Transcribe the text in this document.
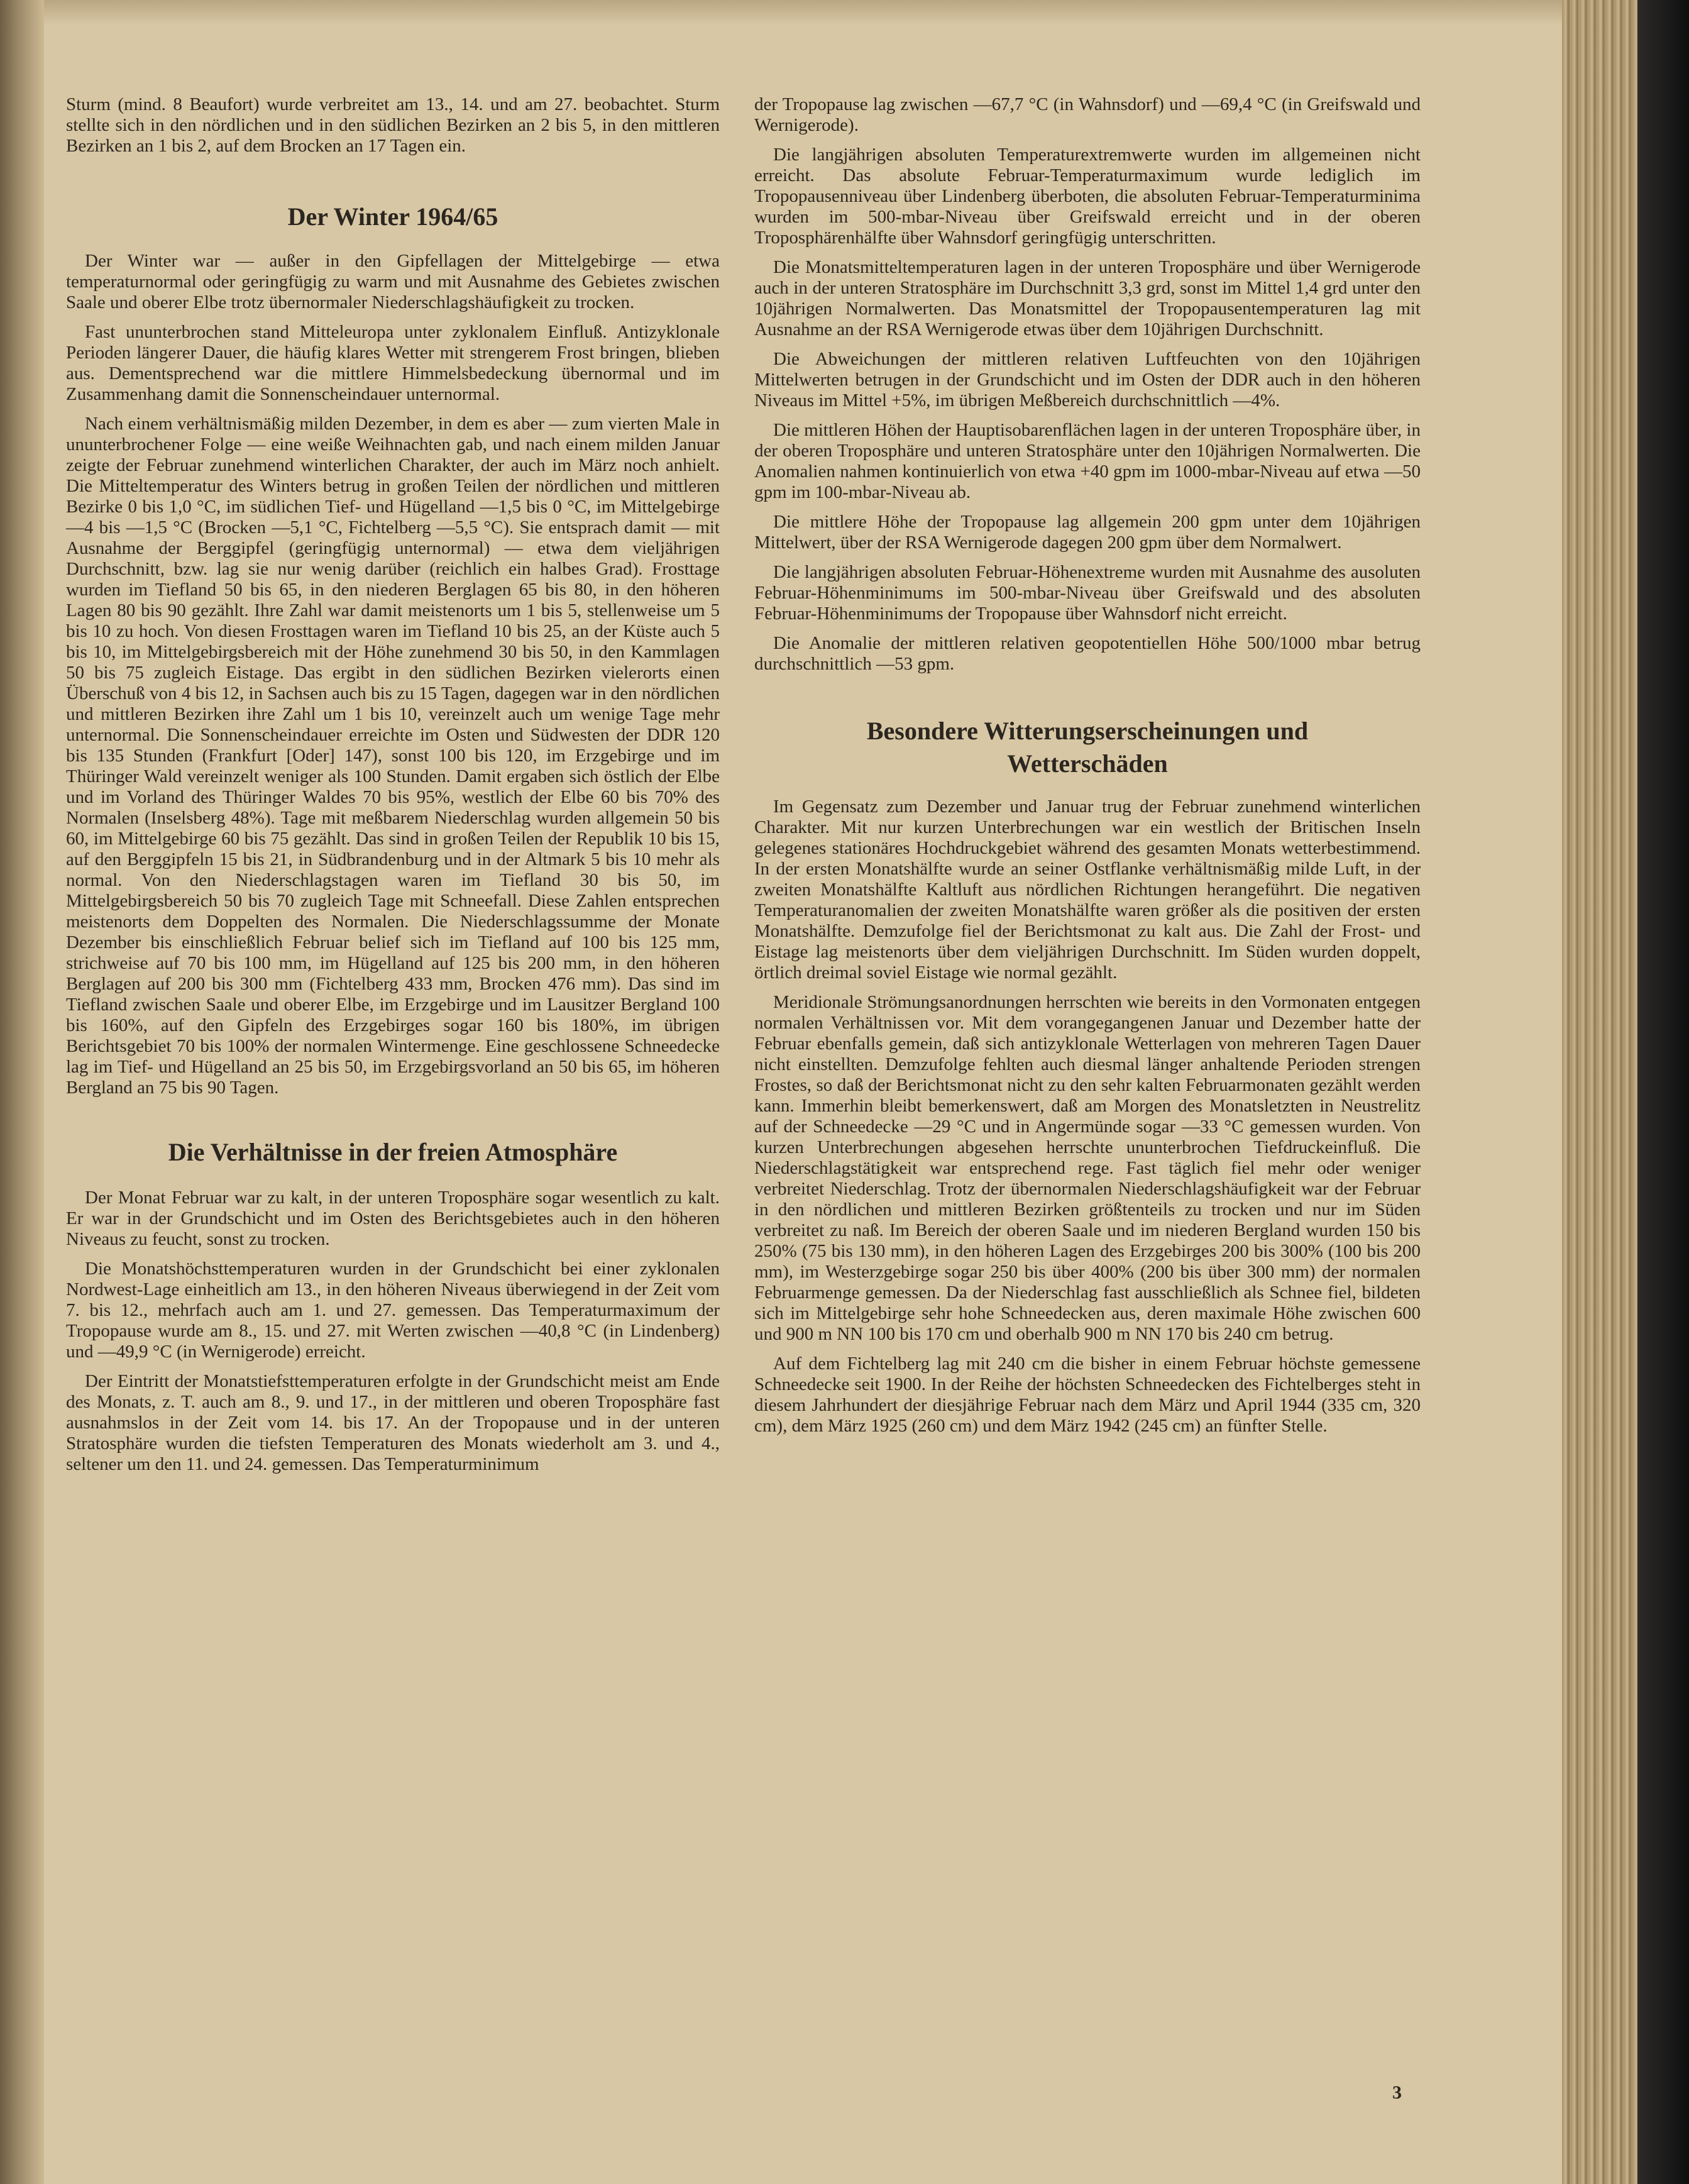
Sturm (mind. 8 Beaufort) wurde verbreitet am 13., 14. und am 27. beobachtet. Sturm stellte sich in den nördlichen und in den südlichen Bezirken an 2 bis 5, in den mittleren Bezirken an 1 bis 2, auf dem Brocken an 17 Tagen ein.

Der Winter 1964/65

Der Winter war — außer in den Gipfellagen der Mittelgebirge — etwa temperaturnormal oder geringfügig zu warm und mit Ausnahme des Gebietes zwischen Saale und oberer Elbe trotz übernormaler Niederschlagshäufigkeit zu trocken.

Fast ununterbrochen stand Mitteleuropa unter zyklonalem Einfluß. Antizyklonale Perioden längerer Dauer, die häufig klares Wetter mit strengerem Frost bringen, blieben aus. Dementsprechend war die mittlere Himmelsbedeckung übernormal und im Zusammenhang damit die Sonnenscheindauer unternormal.

Nach einem verhältnismäßig milden Dezember, in dem es aber — zum vierten Male in ununterbrochener Folge — eine weiße Weihnachten gab, und nach einem milden Januar zeigte der Februar zunehmend winterlichen Charakter, der auch im März noch anhielt. Die Mitteltemperatur des Winters betrug in großen Teilen der nördlichen und mittleren Bezirke 0 bis 1,0 °C, im südlichen Tief- und Hügelland —1,5 bis 0 °C, im Mittelgebirge —4 bis —1,5 °C (Brocken —5,1 °C, Fichtelberg —5,5 °C). Sie entsprach damit — mit Ausnahme der Berggipfel (geringfügig unternormal) — etwa dem vieljährigen Durchschnitt, bzw. lag sie nur wenig darüber (reichlich ein halbes Grad). Frosttage wurden im Tiefland 50 bis 65, in den niederen Berglagen 65 bis 80, in den höheren Lagen 80 bis 90 gezählt. Ihre Zahl war damit meistenorts um 1 bis 5, stellenweise um 5 bis 10 zu hoch. Von diesen Frosttagen waren im Tiefland 10 bis 25, an der Küste auch 5 bis 10, im Mittelgebirgsbereich mit der Höhe zunehmend 30 bis 50, in den Kammlagen 50 bis 75 zugleich Eistage. Das ergibt in den südlichen Bezirken vielerorts einen Überschuß von 4 bis 12, in Sachsen auch bis zu 15 Tagen, dagegen war in den nördlichen und mittleren Bezirken ihre Zahl um 1 bis 10, vereinzelt auch um wenige Tage mehr unternormal. Die Sonnenscheindauer erreichte im Osten und Südwesten der DDR 120 bis 135 Stunden (Frankfurt [Oder] 147), sonst 100 bis 120, im Erzgebirge und im Thüringer Wald vereinzelt weniger als 100 Stunden. Damit ergaben sich östlich der Elbe und im Vorland des Thüringer Waldes 70 bis 95%, westlich der Elbe 60 bis 70% des Normalen (Inselsberg 48%). Tage mit meßbarem Niederschlag wurden allgemein 50 bis 60, im Mittelgebirge 60 bis 75 gezählt. Das sind in großen Teilen der Republik 10 bis 15, auf den Berggipfeln 15 bis 21, in Südbrandenburg und in der Altmark 5 bis 10 mehr als normal. Von den Niederschlagstagen waren im Tiefland 30 bis 50, im Mittelgebirgsbereich 50 bis 70 zugleich Tage mit Schneefall. Diese Zahlen entsprechen meistenorts dem Doppelten des Normalen. Die Niederschlagssumme der Monate Dezember bis einschließlich Februar belief sich im Tiefland auf 100 bis 125 mm, strichweise auf 70 bis 100 mm, im Hügelland auf 125 bis 200 mm, in den höheren Berglagen auf 200 bis 300 mm (Fichtelberg 433 mm, Brocken 476 mm). Das sind im Tiefland zwischen Saale und oberer Elbe, im Erzgebirge und im Lausitzer Bergland 100 bis 160%, auf den Gipfeln des Erzgebirges sogar 160 bis 180%, im übrigen Berichtsgebiet 70 bis 100% der normalen Wintermenge. Eine geschlossene Schneedecke lag im Tief- und Hügelland an 25 bis 50, im Erzgebirgsvorland an 50 bis 65, im höheren Bergland an 75 bis 90 Tagen.

Die Verhältnisse in der freien Atmosphäre

Der Monat Februar war zu kalt, in der unteren Troposphäre sogar wesentlich zu kalt. Er war in der Grundschicht und im Osten des Berichtsgebietes auch in den höheren Niveaus zu feucht, sonst zu trocken.

Die Monatshöchsttemperaturen wurden in der Grundschicht bei einer zyklonalen Nordwest-Lage einheitlich am 13., in den höheren Niveaus überwiegend in der Zeit vom 7. bis 12., mehrfach auch am 1. und 27. gemessen. Das Temperaturmaximum der Tropopause wurde am 8., 15. und 27. mit Werten zwischen —40,8 °C (in Lindenberg) und —49,9 °C (in Wernigerode) erreicht.

Der Eintritt der Monatstiefsttemperaturen erfolgte in der Grundschicht meist am Ende des Monats, z. T. auch am 8., 9. und 17., in der mittleren und oberen Troposphäre fast ausnahmslos in der Zeit vom 14. bis 17. An der Tropopause und in der unteren Stratosphäre wurden die tiefsten Temperaturen des Monats wiederholt am 3. und 4., seltener um den 11. und 24. gemessen. Das Temperaturminimum

der Tropopause lag zwischen —67,7 °C (in Wahnsdorf) und —69,4 °C (in Greifswald und Wernigerode).

Die langjährigen absoluten Temperaturextremwerte wurden im allgemeinen nicht erreicht. Das absolute Februar-Temperaturmaximum wurde lediglich im Tropopausenniveau über Lindenberg überboten, die absoluten Februar-Temperaturminima wurden im 500-mbar-Niveau über Greifswald erreicht und in der oberen Troposphärenhälfte über Wahnsdorf geringfügig unterschritten.

Die Monatsmitteltemperaturen lagen in der unteren Troposphäre und über Wernigerode auch in der unteren Stratosphäre im Durchschnitt 3,3 grd, sonst im Mittel 1,4 grd unter den 10jährigen Normalwerten. Das Monatsmittel der Tropopausentemperaturen lag mit Ausnahme an der RSA Wernigerode etwas über dem 10jährigen Durchschnitt.

Die Abweichungen der mittleren relativen Luftfeuchten von den 10jährigen Mittelwerten betrugen in der Grundschicht und im Osten der DDR auch in den höheren Niveaus im Mittel +5%, im übrigen Meßbereich durchschnittlich —4%.

Die mittleren Höhen der Hauptisobarenflächen lagen in der unteren Troposphäre über, in der oberen Troposphäre und unteren Stratosphäre unter den 10jährigen Normalwerten. Die Anomalien nahmen kontinuierlich von etwa +40 gpm im 1000-mbar-Niveau auf etwa —50 gpm im 100-mbar-Niveau ab.

Die mittlere Höhe der Tropopause lag allgemein 200 gpm unter dem 10jährigen Mittelwert, über der RSA Wernigerode dagegen 200 gpm über dem Normalwert.

Die langjährigen absoluten Februar-Höhenextreme wurden mit Ausnahme des ausoluten Februar-Höhenminimums im 500-mbar-Niveau über Greifswald und des absoluten Februar-Höhenminimums der Tropopause über Wahnsdorf nicht erreicht.

Die Anomalie der mittleren relativen geopotentiellen Höhe 500/1000 mbar betrug durchschnittlich —53 gpm.

Besondere Witterungserscheinungen und Wetterschäden

Im Gegensatz zum Dezember und Januar trug der Februar zunehmend winterlichen Charakter. Mit nur kurzen Unterbrechungen war ein westlich der Britischen Inseln gelegenes stationäres Hochdruckgebiet während des gesamten Monats wetterbestimmend. In der ersten Monatshälfte wurde an seiner Ostflanke verhältnismäßig milde Luft, in der zweiten Monatshälfte Kaltluft aus nördlichen Richtungen herangeführt. Die negativen Temperaturanomalien der zweiten Monatshälfte waren größer als die positiven der ersten Monatshälfte. Demzufolge fiel der Berichtsmonat zu kalt aus. Die Zahl der Frost- und Eistage lag meistenorts über dem vieljährigen Durchschnitt. Im Süden wurden doppelt, örtlich dreimal soviel Eistage wie normal gezählt.

Meridionale Strömungsanordnungen herrschten wie bereits in den Vormonaten entgegen normalen Verhältnissen vor. Mit dem vorangegangenen Januar und Dezember hatte der Februar ebenfalls gemein, daß sich antizyklonale Wetterlagen von mehreren Tagen Dauer nicht einstellten. Demzufolge fehlten auch diesmal länger anhaltende Perioden strengen Frostes, so daß der Berichtsmonat nicht zu den sehr kalten Februarmonaten gezählt werden kann. Immerhin bleibt bemerkenswert, daß am Morgen des Monatsletzten in Neustrelitz auf der Schneedecke —29 °C und in Angermünde sogar —33 °C gemessen wurden. Von kurzen Unterbrechungen abgesehen herrschte ununterbrochen Tiefdruckeinfluß. Die Niederschlagstätigkeit war entsprechend rege. Fast täglich fiel mehr oder weniger verbreitet Niederschlag. Trotz der übernormalen Niederschlagshäufigkeit war der Februar in den nördlichen und mittleren Bezirken größtenteils zu trocken und nur im Süden verbreitet zu naß. Im Bereich der oberen Saale und im niederen Bergland wurden 150 bis 250% (75 bis 130 mm), in den höheren Lagen des Erzgebirges 200 bis 300% (100 bis 200 mm), im Westerzgebirge sogar 250 bis über 400% (200 bis über 300 mm) der normalen Februarmenge gemessen. Da der Niederschlag fast ausschließlich als Schnee fiel, bildeten sich im Mittelgebirge sehr hohe Schneedecken aus, deren maximale Höhe zwischen 600 und 900 m NN 100 bis 170 cm und oberhalb 900 m NN 170 bis 240 cm betrug.

Auf dem Fichtelberg lag mit 240 cm die bisher in einem Februar höchste gemessene Schneedecke seit 1900. In der Reihe der höchsten Schneedecken des Fichtelberges steht in diesem Jahrhundert der diesjährige Februar nach dem März und April 1944 (335 cm, 320 cm), dem März 1925 (260 cm) und dem März 1942 (245 cm) an fünfter Stelle.

3
